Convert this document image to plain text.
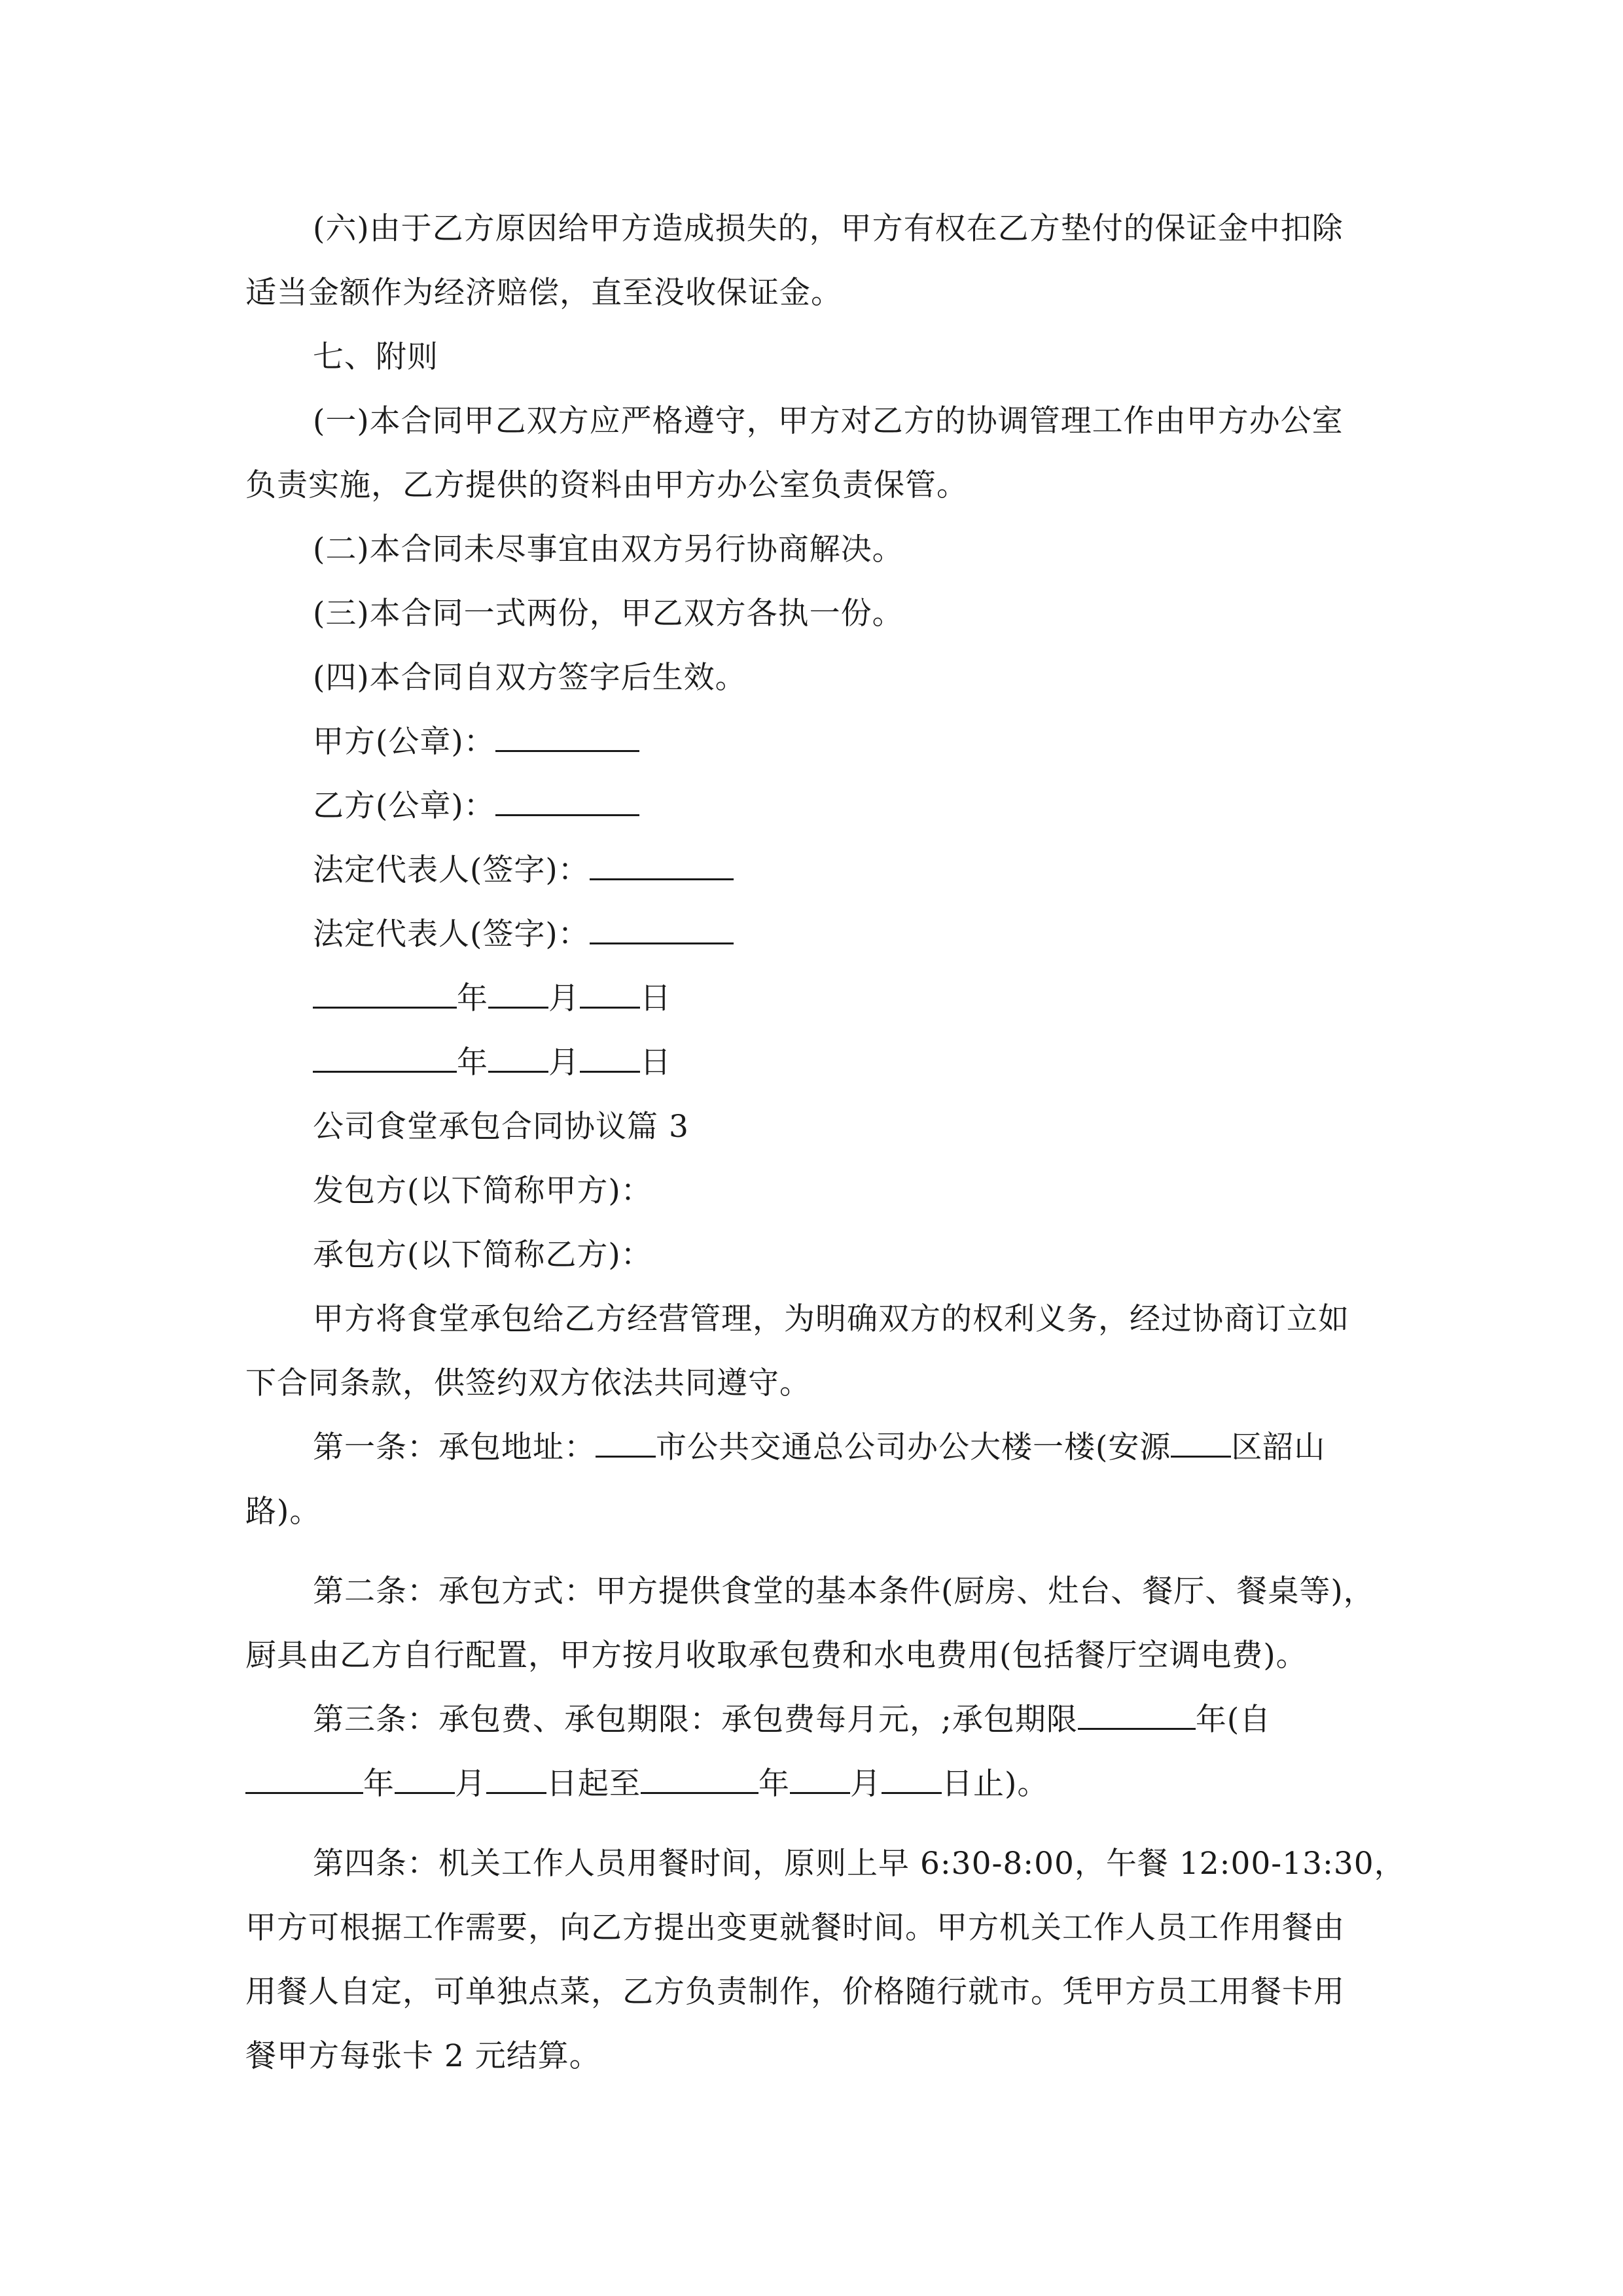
(六)由于乙方原因给甲方造成损失的，甲方有权在乙方垫付的保证金中扣除
适当金额作为经济赔偿，直至没收保证金。
七、附则
(一)本合同甲乙双方应严格遵守，甲方对乙方的协调管理工作由甲方办公室
负责实施，乙方提供的资料由甲方办公室负责保管。
(二)本合同未尽事宜由双方另行协商解决。
(三)本合同一式两份，甲乙双方各执一份。
(四)本合同自双方签字后生效。
甲方(公章)：
乙方(公章)：
法定代表人(签字)：
法定代表人(签字)：
年 月 日
年 月 日
公司食堂承包合同协议篇 3
发包方(以下简称甲方)：
承包方(以下简称乙方)：
甲方将食堂承包给乙方经营管理，为明确双方的权利义务，经过协商订立如
下合同条款，供签约双方依法共同遵守。
第一条：承包地址： 市公共交通总公司办公大楼一楼(安源 区韶山
路)。
第二条：承包方式：甲方提供食堂的基本条件(厨房、灶台、餐厅、餐桌等)，
厨具由乙方自行配置，甲方按月收取承包费和水电费用(包括餐厅空调电费)。
第三条：承包费、承包期限：承包费每月元，;承包期限	年(自
年 月 日起至	年 月 日止)。
第四条：机关工作人员用餐时间，原则上早 6:30-8:00，午餐 12:00-13:30，
甲方可根据工作需要，向乙方提出变更就餐时间。甲方机关工作人员工作用餐由
用餐人自定，可单独点菜，乙方负责制作，价格随行就市。凭甲方员工用餐卡用
餐甲方每张卡 2 元结算。
